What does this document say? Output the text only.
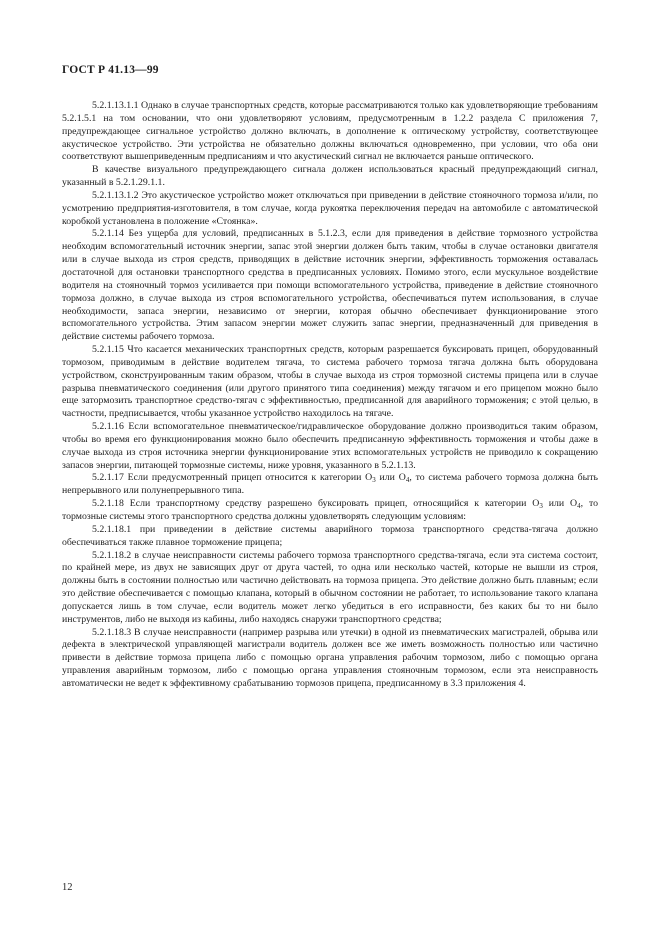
ГОСТ Р 41.13—99

5.2.1.13.1.1 Однако в случае транспортных средств, которые рассматриваются только как удовлетворяющие требованиям 5.2.1.5.1 на том основании, что они удовлетворяют условиям, предусмотренным в 1.2.2 раздела С приложения 7, предупреждающее сигнальное устройство должно включать, в дополнение к оптическому устройству, соответствующее акустическое устройство. Эти устройства не обязательно должны включаться одновременно, при условии, что оба они соответствуют вышеприведенным предписаниям и что акустический сигнал не включается раньше оптического.

В качестве визуального предупреждающего сигнала должен использоваться красный предупреждающий сигнал, указанный в 5.2.1.29.1.1.

5.2.1.13.1.2 Это акустическое устройство может отключаться при приведении в действие стояночного тормоза и/или, по усмотрению предприятия-изготовителя, в том случае, когда рукоятка переключения передач на автомобиле с автоматической коробкой установлена в положение «Стоянка».

5.2.1.14 Без ущерба для условий, предписанных в 5.1.2.3, если для приведения в действие тормозного устройства необходим вспомогательный источник энергии, запас этой энергии должен быть таким, чтобы в случае остановки двигателя или в случае выхода из строя средств, приводящих в действие источник энергии, эффективность торможения оставалась достаточной для остановки транспортного средства в предписанных условиях. Помимо этого, если мускульное воздействие водителя на стояночный тормоз усиливается при помощи вспомогательного устройства, приведение в действие стояночного тормоза должно, в случае выхода из строя вспомогательного устройства, обеспечиваться путем использования, в случае необходимости, запаса энергии, независимо от энергии, которая обычно обеспечивает функционирование этого вспомогательного устройства. Этим запасом энергии может служить запас энергии, предназначенный для приведения в действие системы рабочего тормоза.

5.2.1.15 Что касается механических транспортных средств, которым разрешается буксировать прицеп, оборудованный тормозом, приводимым в действие водителем тягача, то система рабочего тормоза тягача должна быть оборудована устройством, сконструированным таким образом, чтобы в случае выхода из строя тормозной системы прицепа или в случае разрыва пневматического соединения (или другого принятого типа соединения) между тягачом и его прицепом можно было еще затормозить транспортное средство-тягач с эффективностью, предписанной для аварийного торможения; с этой целью, в частности, предписывается, чтобы указанное устройство находилось на тягаче.

5.2.1.16 Если вспомогательное пневматическое/гидравлическое оборудование должно производиться таким образом, чтобы во время его функционирования можно было обеспечить предписанную эффективность торможения и чтобы даже в случае выхода из строя источника энергии функционирование этих вспомогательных устройств не приводило к сокращению запасов энергии, питающей тормозные системы, ниже уровня, указанного в 5.2.1.13.

5.2.1.17 Если предусмотренный прицеп относится к категории $О_3$ или $О_4$, то система рабочего тормоза должна быть непрерывного или полунепрерывного типа.

5.2.1.18 Если транспортному средству разрешено буксировать прицеп, относящийся к категории $О_3$ или $О_4$, то тормозные системы этого транспортного средства должны удовлетворять следующим условиям:

5.2.1.18.1 при приведении в действие системы аварийного тормоза транспортного средства-тягача должно обеспечиваться также плавное торможение прицепа;

5.2.1.18.2 в случае неисправности системы рабочего тормоза транспортного средства-тягача, если эта система состоит, по крайней мере, из двух не зависящих друг от друга частей, то одна или несколько частей, которые не вышли из строя, должны быть в состоянии полностью или частично действовать на тормоза прицепа. Это действие должно быть плавным; если это действие обеспечивается с помощью клапана, который в обычном состоянии не работает, то использование такого клапана допускается лишь в том случае, если водитель может легко убедиться в его исправности, без каких бы то ни было инструментов, либо не выходя из кабины, либо находясь снаружи транспортного средства;

5.2.1.18.3 В случае неисправности (например разрыва или утечки) в одной из пневматических магистралей, обрыва или дефекта в электрической управляющей магистрали водитель должен все же иметь возможность полностью или частично привести в действие тормоза прицепа либо с помощью органа управления рабочим тормозом, либо с помощью органа управления аварийным тормозом, либо с помощью органа управления стояночным тормозом, если эта неисправность автоматически не ведет к эффективному срабатыванию тормозов прицепа, предписанному в 3.3 приложения 4.

12
